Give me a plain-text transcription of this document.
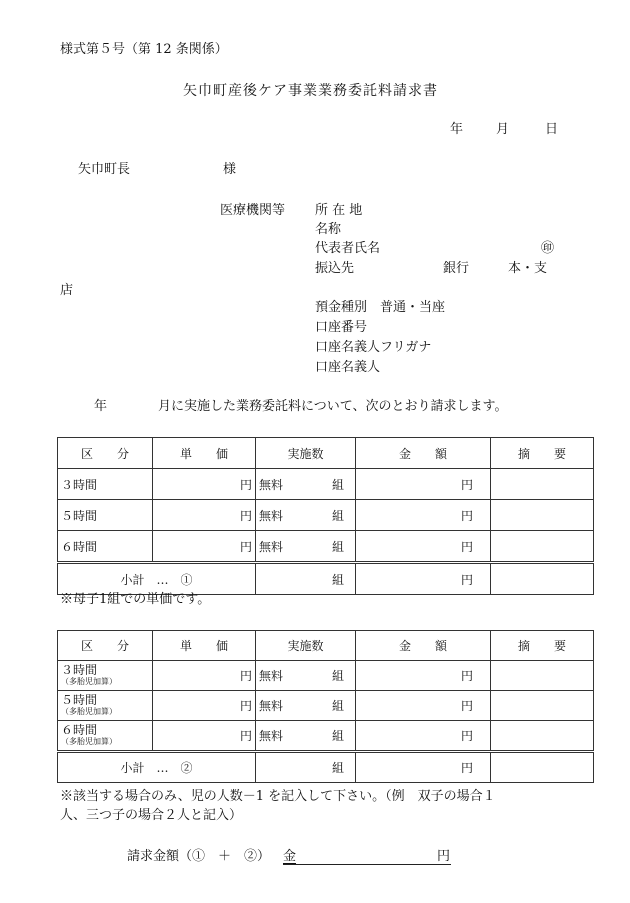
様式第５号（第 12 条関係）
矢巾町産後ケア事業業務委託料請求書
年	月	日
矢巾町長	様
医療機関等 所 在 地
名称
代表者氏名	㊞
振込先	銀行	本・支
店
預金種別　普通・当座
口座番号
口座名義人フリガナ
口座名義人
年	月に実施した業務委託料について、次のとおり請求します。
区　　分	単　　価	実施数	金　　額	摘　　要
３時間	円	無料 組	円	
５時間	円	無料 組	円	
６時間	円	無料 組	円	
小計　…　①		組	円	
※母子1組での単価です。
区　　分	単　　価	実施数	金　　額	摘　　要

３時間
（多胎児加算）	円	無料 組	円	

５時間
（多胎児加算）	円	無料 組	円	

６時間
（多胎児加算）	円	無料 組	円	
小計　…　②		組	円	
※該当する場合のみ、児の人数－1 を記入して下さい。（例　双子の場合１
人、三つ子の場合２人と記入）
請求金額（①　＋　②） 金	円
